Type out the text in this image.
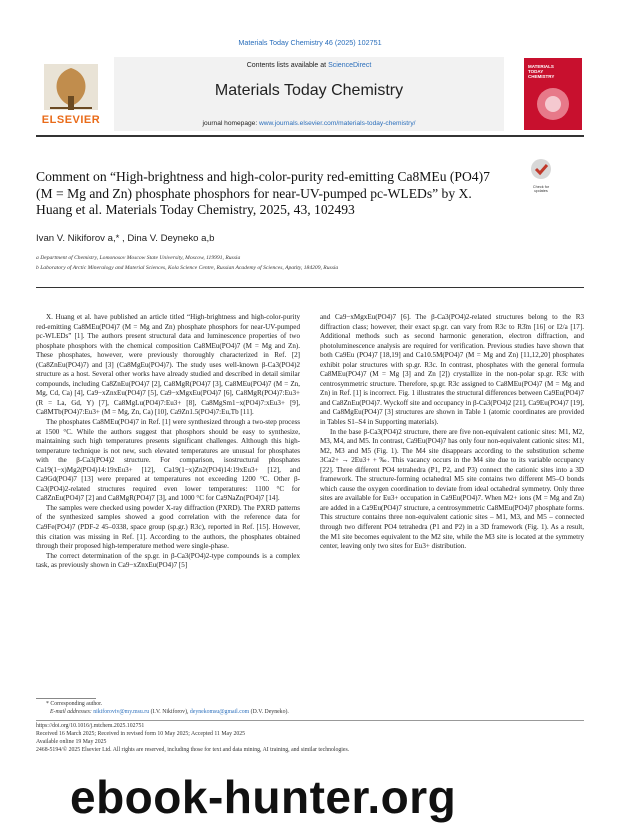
Materials Today Chemistry 46 (2025) 102751
ELSEVIER
Contents lists available at ScienceDirect
Materials Today Chemistry
journal homepage: www.journals.elsevier.com/materials-today-chemistry/
MATERIALS TODAY CHEMISTRY
Comment on “High-brightness and high-color-purity red-emitting Ca8MEu (PO4)7 (M = Mg and Zn) phosphate phosphors for near-UV-pumped pc-WLEDs” by X. Huang et al. Materials Today Chemistry, 2025, 43, 102493
Check for updates
Ivan V. Nikiforov a,* , Dina V. Deyneko a,b
a Department of Chemistry, Lomonosov Moscow State University, Moscow, 119991, Russia
b Laboratory of Arctic Mineralogy and Material Sciences, Kola Science Centre, Russian Academy of Sciences, Apatity, 184209, Russia

X. Huang et al. have published an article titled “High-brightness and high-color-purity red-emitting Ca8MEu(PO4)7 (M = Mg and Zn) phosphate phosphors for near-UV-pumped pc-WLEDs” [1]. The authors present structural data and luminescence properties of two phosphate phosphors with the chemical composition Ca8MEu(PO4)7 (M = Mg and Zn). These phosphates, however, were previously thoroughly characterized in Ref. [2] (Ca8ZnEu(PO4)7) and [3] (Ca8MgEu(PO4)7). The study uses well-known β-Ca3(PO4)2 structure as a host. Several other works have already studied and described in detail similar compounds, including Ca8ZnEu(PO4)7 [2], Ca8MgR(PO4)7 [3], Ca8MEu(PO4)7 (M = Zn, Mg, Cd, Ca) [4], Ca9−xZnxEu(PO4)7 [5], Ca9−xMgxEu(PO4)7 [6], Ca8MgR(PO4)7:Eu3+ (R = La, Gd, Y) [7], Ca8MgLu(PO4)7:Eu3+ [8], Ca8MgSm1−x(PO4)7:xEu3+ [9], Ca8MTb(PO4)7:Eu3+ (M = Mg, Zn, Ca) [10], Ca9Zn1.5(PO4)7:Eu,Tb [11].

The phosphates Ca8MEu(PO4)7 in Ref. [1] were synthesized through a two-step process at 1500 °C. While the authors suggest that phosphors should be easy to synthesize, maintaining such high temperatures presents significant challenges. Although this high-temperature technique is not new, such elevated temperatures are unusual for phosphates with the β-Ca3(PO4)2 structure. For comparison, isostructural phosphates Ca19(1−x)Mg2(PO4)14:19xEu3+ [12], Ca19(1−x)Zn2(PO4)14:19xEu3+ [12], and Ca9Gd(PO4)7 [13] were prepared at temperatures not exceeding 1200 °C. Other β-Ca3(PO4)2-related structures required even lower temperatures: 1100 °C for Ca8ZnEu(PO4)7 [2] and Ca8MgR(PO4)7 [3], and 1000 °C for Ca9NaZn(PO4)7 [14].

The samples were checked using powder X-ray diffraction (PXRD). The PXRD patterns of the synthesized samples showed a good correlation with the reference data for Ca9Fe(PO4)7 (PDF-2 45–0338, space group (sp.gr.) R3c), reported in Ref. [15]. However, this citation was missing in Ref. [1]. According to the authors, the phosphates obtained through their proposed high-temperature method were single-phase.

The correct determination of the sp.gr. in β-Ca3(PO4)2-type compounds is a complex task, as previously shown in Ca9−xZnxEu(PO4)7 [5]

and Ca9−xMgxEu(PO4)7 [6]. The β-Ca3(PO4)2-related structures belong to the R3 diffraction class; however, their exact sp.gr. can vary from R3c to R3̄m [16] or I2/a [17]. Additional methods such as second harmonic generation, electron diffraction, and photoluminescence analysis are required for verification. Previous studies have shown that both Ca9Eu (PO4)7 [18,19] and Ca10.5M(PO4)7 (M = Mg and Zn) [11,12,20] phosphates exhibit polar structures with sp.gr. R3c. In contrast, phosphates with the general formula Ca8MEu(PO4)7 (M = Mg [3] and Zn [2]) crystallize in the non-polar sp.gr. R3̄c with centrosymmetric structure. Therefore, sp.gr. R3c assigned to Ca8MEu(PO4)7 (M = Mg and Zn) in Ref. [1] is incorrect. Fig. 1 illustrates the structural differences between Ca9Eu(PO4)7 and Ca8ZnEu(PO4)7. Wyckoff site and occupancy in β-Ca3(PO4)2 [21], Ca9Eu(PO4)7 [19], and Ca8MgEu(PO4)7 [3] structures are shown in Table 1 (atomic coordinates are provided in Tables S1–S4 in Supporting materials).

In the base β-Ca3(PO4)2 structure, there are five non-equivalent cationic sites: M1, M2, M3, M4, and M5. In contrast, Ca9Eu(PO4)7 has only four non-equivalent cationic sites: M1, M2, M3 and M5 (Fig. 1). The M4 site disappears according to the substitution scheme 3Ca2+ → 2Eu3+ + ‰. This vacancy occurs in the M4 site due to its variable occupancy [22]. Three different PO4 tetrahedra (P1, P2, and P3) connect the cationic sites into a 3D framework. The structure-forming octahedral M5 site contains two different M5–O bonds which cause the oxygen coordination to deviate from ideal octahedral symmetry. Only three sites are available for Eu3+ occupation in Ca9Eu(PO4)7. When M2+ ions (M = Mg and Zn) are added in a Ca9Eu(PO4)7 structure, a centrosymmetric Ca8MEu(PO4)7 phosphate forms. This structure contains three non-equivalent cationic sites – M1, M3, and M5 – connected through two different PO4 tetrahedra (P1 and P2) in a 3D framework (Fig. 1). As a result, the M1 site becomes equivalent to the M2 site, while the M3 site is located at the symmetry center, leaving only two sites for Eu3+ distribution.

* Corresponding author.
E-mail addresses: nikiforoviv@my.msu.ru (I.V. Nikiforov), deynekomsu@gmail.com (D.V. Deyneko).
https://doi.org/10.1016/j.mtchem.2025.102751
Received 16 March 2025; Received in revised form 10 May 2025; Accepted 11 May 2025
Available online 19 May 2025
2468-5194/© 2025 Elsevier Ltd. All rights are reserved, including those for text and data mining, AI training, and similar technologies.
ebook-hunter.org
